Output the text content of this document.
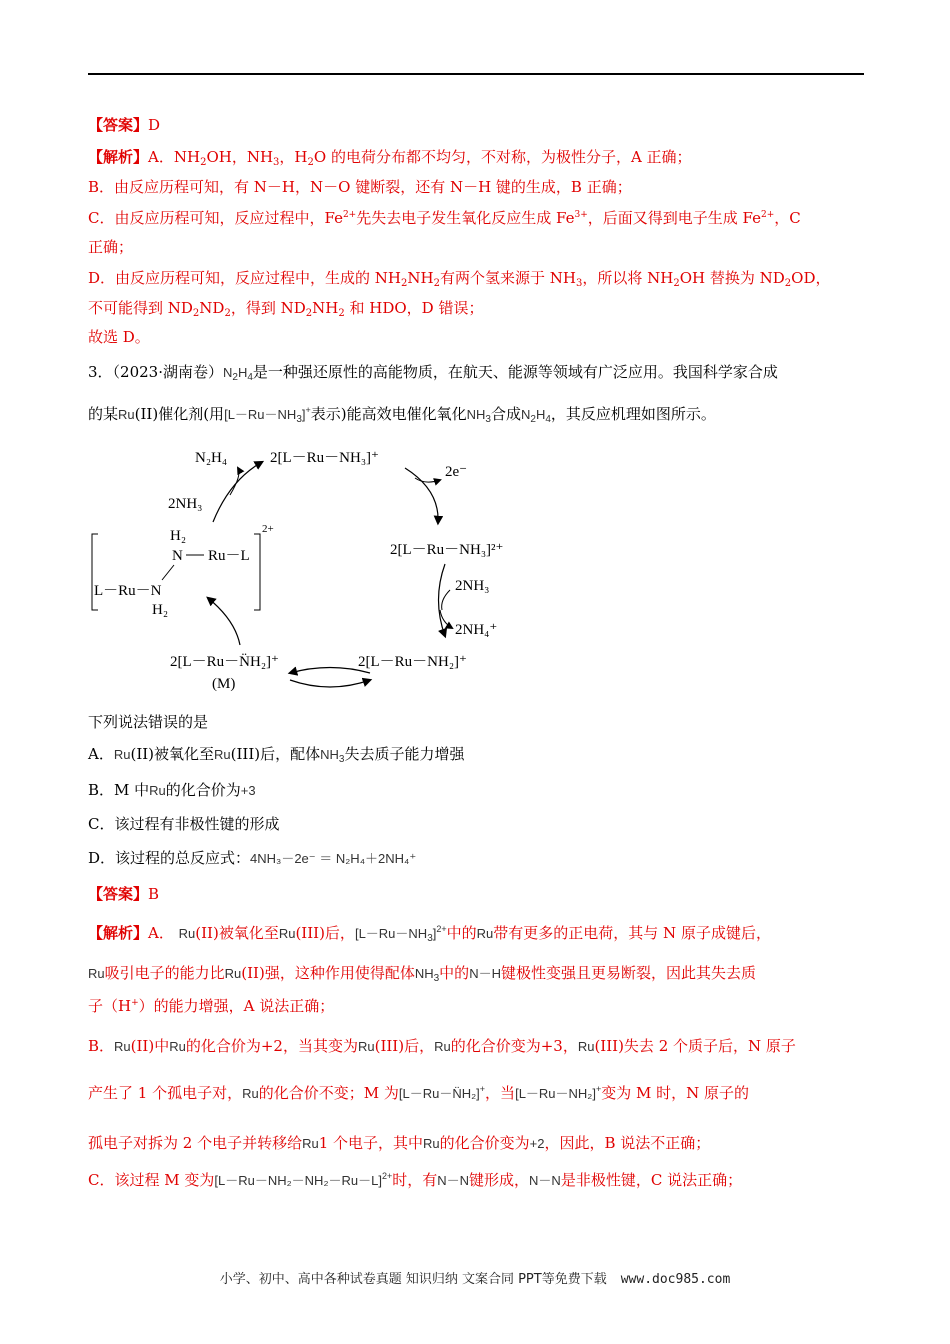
【答案】D
【解析】A．$NH_2OH$，$NH_3$，$H_2O$ 的电荷分布都不均匀，不对称，为极性分子，A 正确；
B．由反应历程可知，有 N－H，N－O 键断裂，还有 N－H 键的生成，B 正确；
C．由反应历程可知，反应过程中，$Fe^{2+}$先失去电子发生氧化反应生成 $Fe^{3+}$，后面又得到电子生成 $Fe^{2+}$，C
正确；
D．由反应历程可知，反应过程中，生成的 $NH_2NH_2$有两个氢来源于 $NH_3$，所以将 $NH_2OH$ 替换为 $ND_2OD$，
不可能得到 $ND_2ND_2$，得到 $ND_2NH_2$ 和 HDO，D 错误；
故选 D。
3．（2023·湖南卷）$N_2H_4$是一种强还原性的高能物质，在航天、能源等领域有广泛应用。我国科学家合成
的某Ru(II)催化剂(用$[L-Ru-NH_3]^+$表示)能高效电催化氧化$NH_3$合成$N_2H_4$，其反应机理如图所示。
N₂H₄	2[L－Ru－NH₃]⁺
2NH₃
2e⁻
2[L－Ru－NH₃]²⁺
2NH₃
2NH₄⁺
2[L－Ru－NH₂]⁺
2[L－Ru－N̈H₂]⁺
(M)
2+
H₂
N Ru－L
L－Ru－N
H₂
下列说法错误的是
A．Ru(II)被氧化至Ru(III)后，配体$NH_3$失去质子能力增强
B．M 中Ru的化合价为+3
C．该过程有非极性键的形成
D．该过程的总反应式：4NH₃－2e⁻ ＝ N₂H₄＋2NH₄⁺
【答案】B
【解析】A． Ru(II)被氧化至Ru(III)后，$[L-Ru-NH_3]^{2+}$中的Ru带有更多的正电荷，其与 N 原子成键后，
Ru吸引电子的能力比Ru(II)强，这种作用使得配体$NH_3$中的N－H键极性变强且更易断裂，因此其失去质
子（H+）的能力增强，A 说法正确；
B．Ru(II)中Ru的化合价为+2，当其变为Ru(III)后，Ru的化合价变为+3，Ru(III)失去 2 个质子后，N 原子
产生了 1 个孤电子对，Ru的化合价不变；M 为[L－Ru－N̈H₂]+，当[L－Ru－NH₂]+变为 M 时，N 原子的
孤电子对拆为 2 个电子并转移给Ru1 个电子，其中Ru的化合价变为+2，因此，B 说法不正确；
C．该过程 M 变为$[L-Ru-NH_2-NH_2-Ru-L]^{2+}$时，有N－N键形成，N－N是非极性键，C 说法正确；
小学、初中、高中各种试卷真题 知识归纳 文案合同 PPT等免费下载 www.doc985.com
